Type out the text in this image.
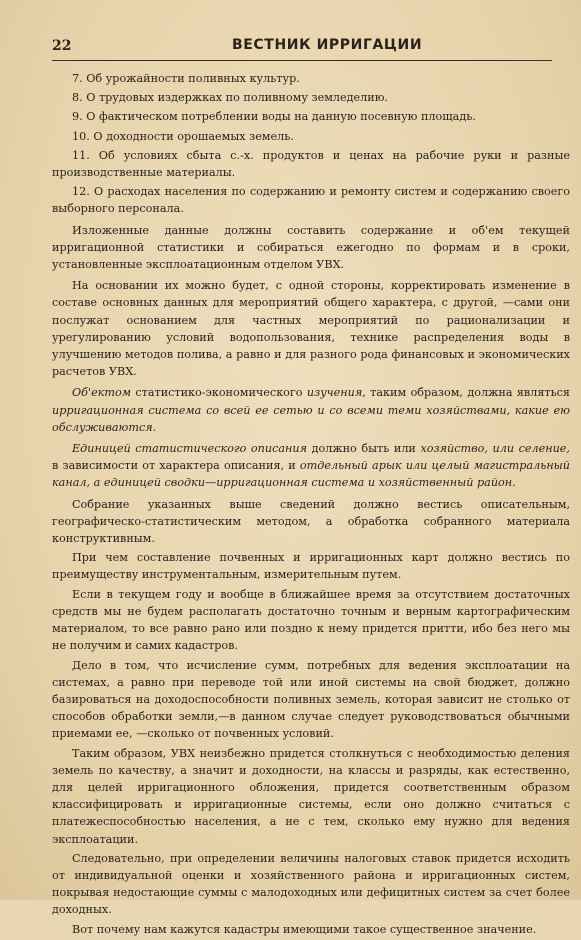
22	ВЕСТНИК ИРРИГАЦИИ

7. Об урожайности поливных культур.

8. О трудовых издержках по поливному земледелию.

9. О фактическом потреблении воды на данную посевную площадь.

10. О доходности орошаемых земель.

11. Об условиях сбыта с.-х. продуктов и ценах на рабочие руки и разные производственные материалы.

12. О расходах населения по содержанию и ремонту систем и содержанию своего выборного персонала.

Изложенные данные должны составить содержание и об'ем текущей ирригационной статистики и собираться ежегодно по формам и в сроки, установленные эксплоатационным отделом УВХ.

На основании их можно будет, с одной стороны, корректировать изменение в составе основных данных для мероприятий общего характера, с другой, —сами они послужат основанием для частных мероприятий по рационализации и урегулированию условий водопользования, технике распределения воды в улучшению методов полива, а равно и для разного рода финансовых и экономических расчетов УВХ.

Об'ектом статистико-экономического изучения, таким образом, должна являться ирригационная система со всей ее сетью и со всеми теми хозяйствами, какие ею обслуживаются.

Единицей статистического описания должно быть или хозяйство, или селение, в зависимости от характера описания, и отдельный арык или целый магистральный канал, а единицей сводки—ирригационная система и хозяйственный район.

Собрание указанных выше сведений должно вестись описательным, географическо-статистическим методом, а обработка собранного материала конструктивным.

При чем составление почвенных и ирригационных карт должно вестись по преимуществу инструментальным, измерительным путем.

Если в текущем году и вообще в ближайшее время за отсутствием достаточных средств мы не будем располагать достаточно точным и верным картографическим материалом, то все равно рано или поздно к нему придется притти, ибо без него мы не получим и самих кадастров.

Дело в том, что исчисление сумм, потребных для ведения эксплоатации на системах, а равно при переводе той или иной системы на свой бюджет, должно базироваться на доходоспособности поливных земель, которая зависит не столько от способов обработки земли,—в данном случае следует руководствоваться обычными приемами ее, —сколько от почвенных условий.

Таким образом, УВХ неизбежно придется столкнуться с необходимостью деления земель по качеству, а значит и доходности, на классы и разряды, как естественно, для целей ирригационного обложения, придется соответственным образом классифицировать и ирригационные системы, если оно должно считаться с платежеспособностью населения, а не с тем, сколько ему нужно для ведения эксплоатации.

Следовательно, при определении величины налоговых ставок придется исходить от индивидуальной оценки и хозяйственного района и ирригационных систем, покрывая недостающие суммы с малодоходных или дефицитных систем за счет более доходных.

Вот почему нам кажутся кадастры имеющими такое существенное значение.
